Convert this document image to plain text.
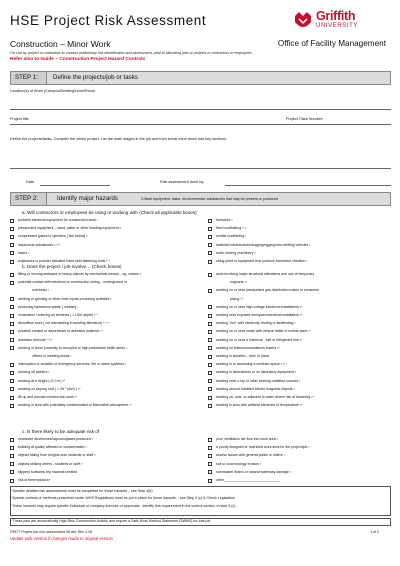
HSE Project Risk Assessment	Griffith
UNIVERSITY
Construction – Minor Work	Office of Facility Management
For use by project co-ordinators to conduct preliminary risk identification and assessment, prior to allocating jobs or projects to contractors or employees
Refer also to Guide – Construction Project Hazard Controls
STEP 1:	Define the projects/job or tasks
Location(s) of Work (Campus/Building/Level/Room
Project title	Project /Task Number:
Define the projects/tasks. Consider the whole project. List the main stages in the job and then break them down into key sections.
Date	Risk assessment done by:
STEP 2:	Identify major hazards	Critical equipment, tasks, environmental, substances that may be present or produced
a. Will contractors or employees be using or working with (Check all applicable boxes)
portable electrical equipment for construction work ¹
pressurized equipment – sand, water or other blasting equipment ²
compressed gases in cylinders [ tick below] ²
hazardous substances ¹·³·⁴
lasers ³
explosives or powder actuated hand held fastening tools ²·⁴
formwork ²
fixed scaffolding ¹·²
mobile scaffolding ²
material hoists/cranes/dogging/rigging/load shifting vehicles ¹
earth moving machinery ³
using plant or equipment that produce excessive vibration ²
b. Does the project / job involve… (Check boxes)
lifting or moving awkward or heavy objects by mechanical means – eg: cranes ²·
potential contact with electrical or construction wiring – underground or
overhead ³
welding or grinding or other heat /spark producing activities ³
producing hazardous waste [ rubbish] ¹
excavation / entering all trenches ( >1.5m depth) ²·⁴
demolition work [ not dismantling in building alteration] ⁴·²·³
possible contact or disturbance of asbestos material ²·⁴
asbestos removal ⁴·³·²
working in close proximity to occupied or high pedestrian traffic areas –
offices or meeting areas ³
interruption or isolation of emergency services, fire or alarm systems ²
working off ladders ³
working at a height (>2.0 m) ²⁴
working on sloping roof ( > 26 ° pitch ) ²⁴
lift up and precast construction work ²⁴
working in area with potentially contaminated or flammable atmosphere ²⁴
work involving major structural alterations and use of temporary
supports ²⁴
working on or near pressurised gas distribution mains or consumer
piping ²⁴
working on or near high voltage electrical installations ²⁴
working near exposed energised electrical installation ²⁴
working "live" with electricity, testing or faultfinding ²
working on or near roads with vehicle traffic or mobile plant ²⁴
working on or near a chemical , fuel or refrigerant line ²⁴
working on telecommunications towers ²⁴
working in isolation – time or place
working in or accessing a confined space ¹·²·⁴
working in laboratories or on laboratory equipment ²
working near x-ray or other ionising radiation sources ²
working around installed electro magnetic objects ²
working on, over, or adjacent to water where risk of drowning ²⁴
working in area with artificial extremes of temperature ²⁴
c. Is there likely to be adequate risk of
excessive dust/fumes/vapours/gases produced ²
building at quality affected or contaminated ³
objects falling from heights onto students or staff ²·
objects striking others - students or staff ²·
slippery surfaces/ trip hazards created
risk of fire/explosion⁴
poor ventilation /air flow into work area ²
a poorly designed or restricted work area for the project/job ³
access issues with general public or others ²
soil or local ecology erosion ²
stormwater drains or natural waterway damage ²
other_____________________________
¹ Specific detailed risk assessments must be completed for these hazards – see Step 4(b)
² Special controls or methods prescribed under WHS Regulations must be put in place for these hazards – see Step 4 (c) & Check Legislation
³ These hazards may require specific individual or company licences or approvals - identify this requirement in the control section, in step 4 (c)
⁴ These jobs are automatically High Risk Construction Activity and require a Safe Work Method Statement [SWMS] for that job.
F8577 Project job risk assessment 08.doc Rev 1.06	1 of 2
Update web version if changes made to original version
